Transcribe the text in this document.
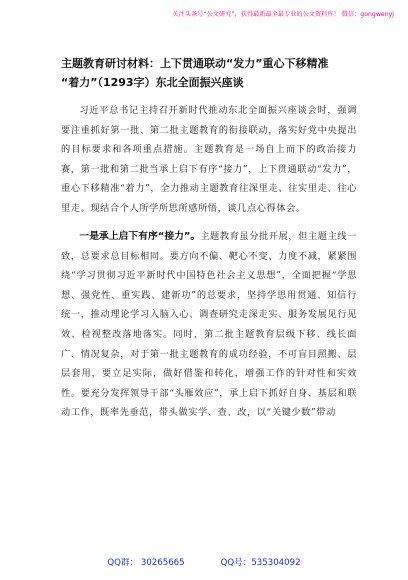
关注头条号“公文研究”，获得最新最全最专业的公文资料库！ 微信：gongwenyj
主题教育研讨材料：上下贯通联动“发力”重心下移精准
“着力”（1293字）东北全面振兴座谈

习近平总书记主持召开新时代推动东北全面振兴座谈会时，强调要注重抓好第一批、第二批主题教育的衔接联动，落实好党中央提出的目标要求和各项重点措施。主题教育是一场自上而下的政治接力赛，第一批和第二批当承上启下有序“接力”，上下贯通联动“发力”，重心下移精准“着力”，全力推动主题教育往深里走、往实里走、往心里走。现结合个人所学所思所感所悟，谈几点心得体会。

一是承上启下有序“接力”。主题教育虽分批开展，但主题主线一致，总要求总目标相同。要方向不偏、靶心不变、力度不减，紧紧围绕“学习贯彻习近平新时代中国特色社会主义思想”，全面把握“学思想、强党性、重实践、建新功”的总要求，坚持学思用贯通、知信行统一，推动理论学习入脑入心、调查研究走深走实、服务发展见行见效、检视整改落地落实。同时，第二批主题教育层级下移、线长面广、情况复杂，对于第一批主题教育的成功经验，不可盲目照搬、层层套用，要立足实际，做好借鉴和转化，增强工作的针对性和实效性。要充分发挥领导干部“头雁效应”，承上启下抓好自身、基层和联动工作，既率先垂范，带头做实学、查、改，以“关键少数”带动

QQ群： 30265665	QQ号：535304092
